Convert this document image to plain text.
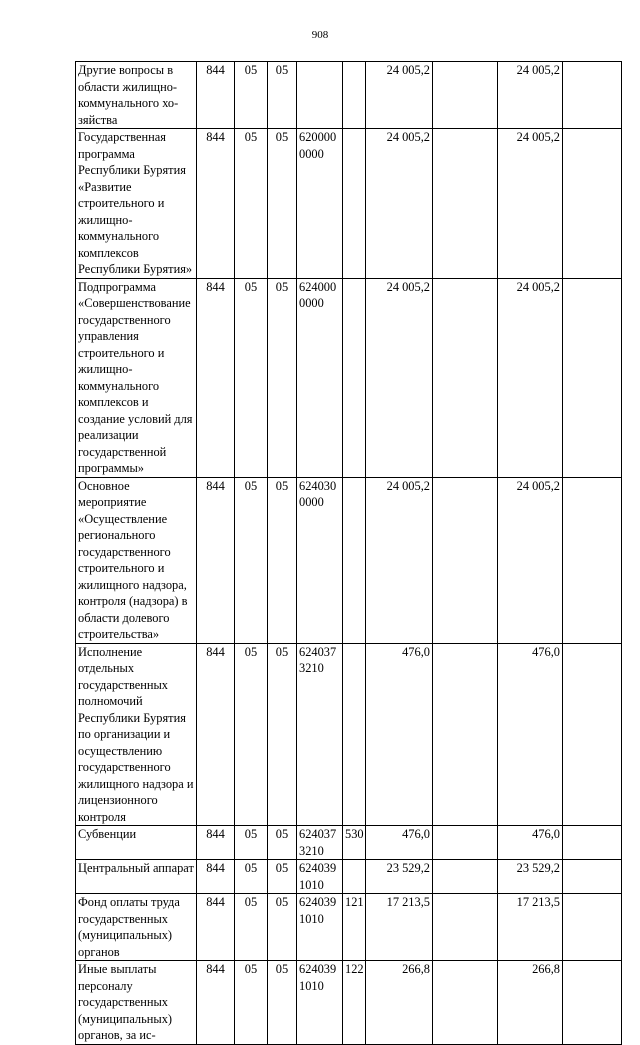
908
Другие вопросы в области жилищно-коммунального хо-зяйства	844	05	05			24 005,2		24 005,2	
Государственная программа Республики Бурятия «Развитие строительного и жилищно-коммунального комплексов Республики Бурятия»	844	05	05	620000 0000		24 005,2		24 005,2	
Подпрограмма «Совершенствование государственного управления строительного и жилищно-коммунального комплексов и создание условий для реализации государственной программы»	844	05	05	624000 0000		24 005,2		24 005,2	
Основное мероприятие «Осуществление регионального государственного строительного и жилищного надзора, контроля (надзора) в области долевого строительства»	844	05	05	624030 0000		24 005,2		24 005,2	
Исполнение отдельных государственных полномочий Республики Бурятия по организации и осуществлению государственного жилищного надзора и лицензионного контроля	844	05	05	624037 3210		476,0		476,0	
Субвенции	844	05	05	624037 3210	530	476,0		476,0	
Центральный аппарат	844	05	05	624039 1010		23 529,2		23 529,2	
Фонд оплаты труда государственных (муниципальных) органов	844	05	05	624039 1010	121	17 213,5		17 213,5	
Иные выплаты персоналу государственных (муниципальных) органов, за ис-	844	05	05	624039 1010	122	266,8		266,8	
